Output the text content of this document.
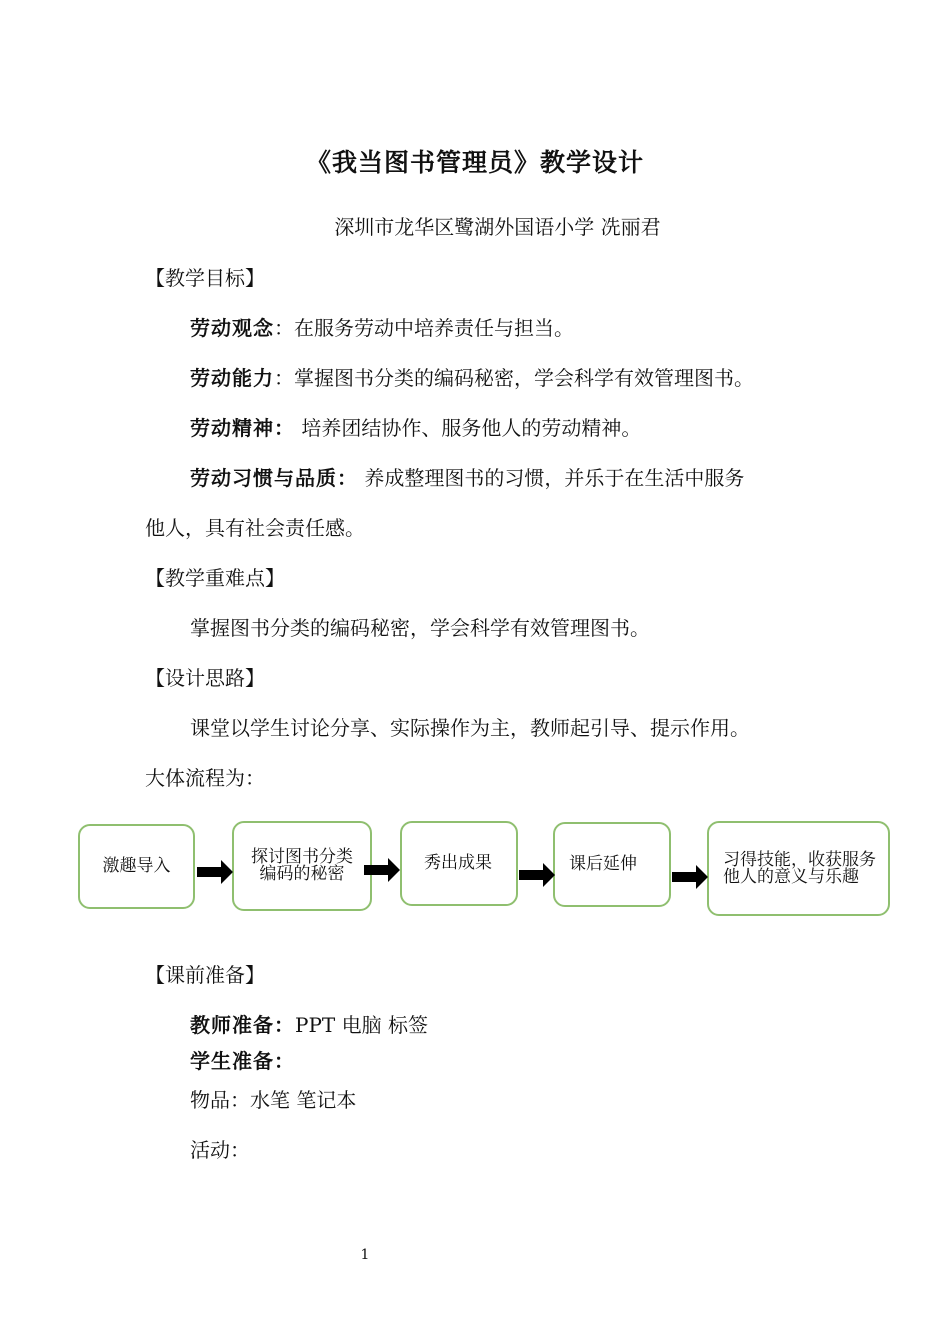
《我当图书管理员》教学设计
深圳市龙华区鹭湖外国语小学 冼丽君
【教学目标】
劳动观念：在服务劳动中培养责任与担当。
劳动能力：掌握图书分类的编码秘密，学会科学有效管理图书。
劳动精神： 培养团结协作、服务他人的劳动精神。
劳动习惯与品质： 养成整理图书的习惯，并乐于在生活中服务
他人，具有社会责任感。
【教学重难点】
掌握图书分类的编码秘密，学会科学有效管理图书。
【设计思路】
课堂以学生讨论分享、实际操作为主，教师起引导、提示作用。
大体流程为：
激趣导入	探讨图书分类编码的秘密
秀出成果	课后延伸	习得技能，收获服务他人的意义与乐趣
【课前准备】
教师准备：PPT 电脑 标签
学生准备：
物品：水笔 笔记本
活动：
1
